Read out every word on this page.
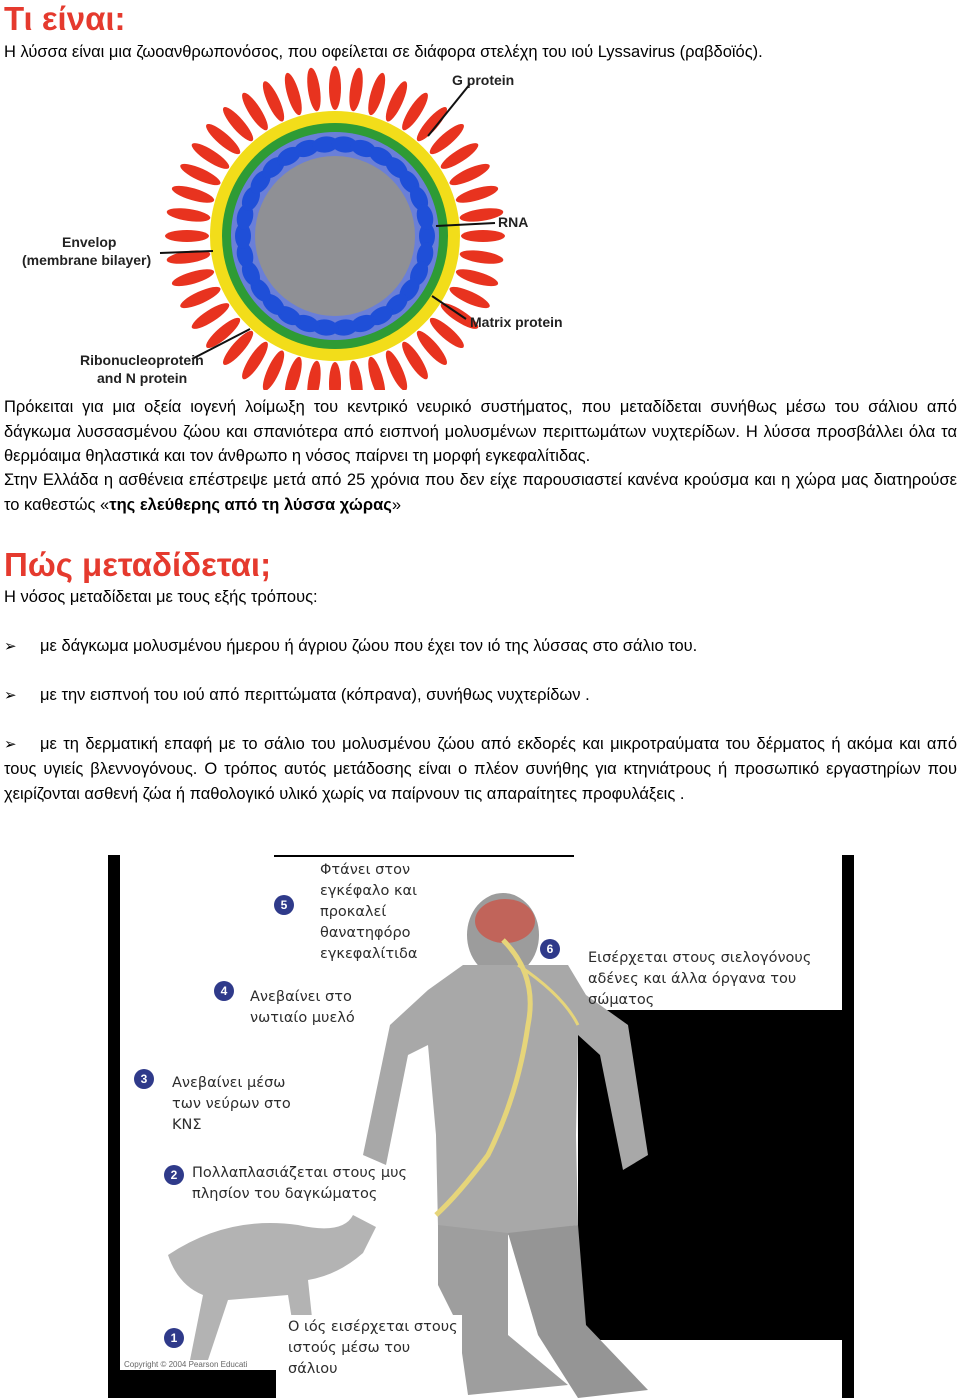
Τι είναι:
Η λύσσα είναι μια ζωοανθρωπονόσος, που οφείλεται σε διάφορα στελέχη του ιού Lyssavirus (ραβδοϊός).
G protein
RNA
Envelop
(membrane bilayer)
Matrix protein
Ribonucleoprotein
and N protein
Πρόκειται για μια οξεία ιογενή λοίμωξη του κεντρικό νευρικό συστήματος, που μεταδίδεται συνήθως μέσω του σάλιου από δάγκωμα λυσσασμένου ζώου και σπανιότερα από εισπνοή μολυσμένων περιττωμάτων νυχτερίδων. Η λύσσα προσβάλλει όλα τα θερμόαιμα θηλαστικά και τον άνθρωπο η νόσος παίρνει τη μορφή εγκεφαλίτιδας.
Στην Ελλάδα η ασθένεια επέστρεψε μετά από 25 χρόνια που δεν είχε παρουσιαστεί κανένα κρούσμα και η χώρα μας διατηρούσε το καθεστώς «της ελεύθερης από τη λύσσα χώρας»
Πώς μεταδίδεται;
Η νόσος μεταδίδεται με τους εξής τρόπους:
➢ με δάγκωμα μολυσμένου ήμερου ή άγριου ζώου που έχει τον ιό της λύσσας στο σάλιο του.
➢ με την εισπνοή του ιού από περιττώματα (κόπρανα), συνήθως νυχτερίδων .
➢ με τη δερματική επαφή με το σάλιο του μολυσμένου ζώου από εκδορές και μικροτραύματα του δέρματος ή ακόμα και από τους υγιείς βλεννογόνους. Ο τρόπος αυτός μετάδοσης είναι ο πλέον συνήθης για κτηνιάτρους ή προσωπικό εργαστηρίων που χειρίζονται ασθενή ζώα ή παθολογικό υλικό χωρίς να παίρνουν τις απαραίτητες προφυλάξεις .
1
Ο ιός εισέρχεται στους
ιστούς μέσω του
σάλιου
2	Πολλαπλασιάζεται στους μυς
πλησίον του δαγκώματος
3	Ανεβαίνει μέσω
των νεύρων στο
ΚΝΣ
4	Ανεβαίνει στο
νωτιαίο μυελό
5
Φτάνει στον
εγκέφαλο και
προκαλεί
θανατηφόρο
εγκεφαλίτιδα	6
Εισέρχεται στους σιελογόνους
αδένες και άλλα όργανα του
σώματος
Copyright © 2004 Pearson Educati
